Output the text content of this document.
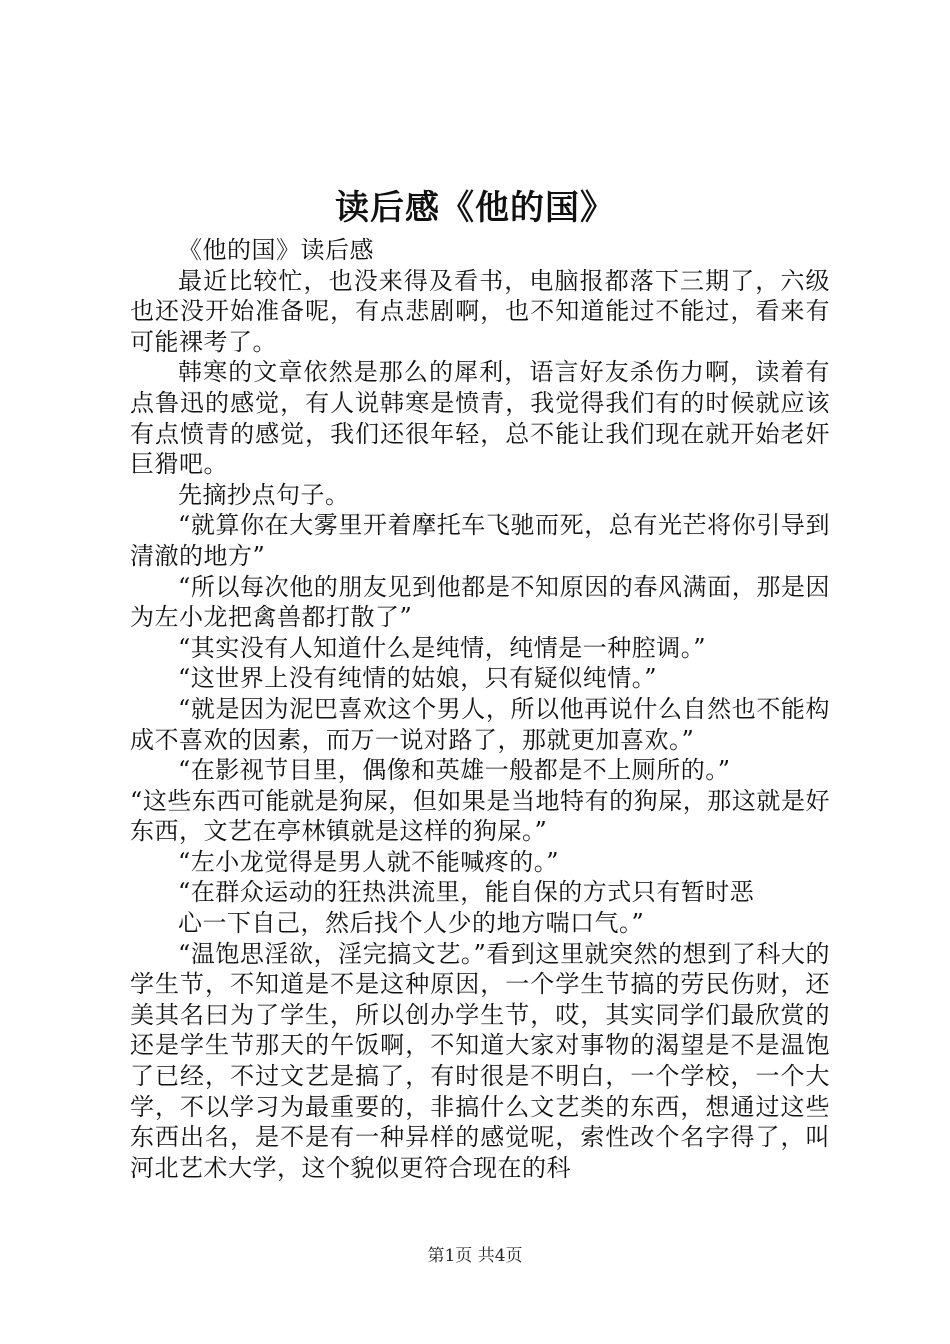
读后感《他的国》

《他的国》读后感

最近比较忙，也没来得及看书，电脑报都落下三期了，六级也还没开始准备呢，有点悲剧啊，也不知道能过不能过，看来有可能裸考了。

韩寒的文章依然是那么的犀利，语言好友杀伤力啊，读着有点鲁迅的感觉，有人说韩寒是愤青，我觉得我们有的时候就应该有点愤青的感觉，我们还很年轻，总不能让我们现在就开始老奸巨猾吧。

先摘抄点句子。

“就算你在大雾里开着摩托车飞驰而死，总有光芒将你引导到清澈的地方”

“所以每次他的朋友见到他都是不知原因的春风满面，那是因为左小龙把禽兽都打散了”

“其实没有人知道什么是纯情，纯情是一种腔调。”

“这世界上没有纯情的姑娘，只有疑似纯情。”

“就是因为泥巴喜欢这个男人，所以他再说什么自然也不能构成不喜欢的因素，而万一说对路了，那就更加喜欢。”

“在影视节目里，偶像和英雄一般都是不上厕所的。”

“这些东西可能就是狗屎，但如果是当地特有的狗屎，那这就是好东西，文艺在亭林镇就是这样的狗屎。”

“左小龙觉得是男人就不能喊疼的。”

“在群众运动的狂热洪流里，能自保的方式只有暂时恶

心一下自己，然后找个人少的地方喘口气。”

“温饱思淫欲，淫完搞文艺。”看到这里就突然的想到了科大的学生节，不知道是不是这种原因，一个学生节搞的劳民伤财，还美其名曰为了学生，所以创办学生节，哎，其实同学们最欣赏的还是学生节那天的午饭啊，不知道大家对事物的渴望是不是温饱了已经，不过文艺是搞了，有时很是不明白，一个学校，一个大学，不以学习为最重要的，非搞什么文艺类的东西，想通过这些东西出名，是不是有一种异样的感觉呢，索性改个名字得了，叫河北艺术大学，这个貌似更符合现在的科

第1页 共4页
